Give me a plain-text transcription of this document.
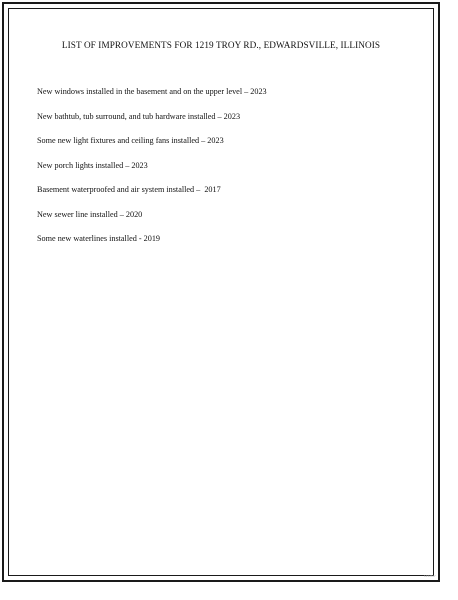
LIST OF IMPROVEMENTS FOR 1219 TROY RD., EDWARDSVILLE, ILLINOIS
New windows installed in the basement and on the upper level – 2023
New bathtub, tub surround, and tub hardware installed – 2023
Some new light fixtures and ceiling fans installed – 2023
New porch lights installed – 2023
Basement waterproofed and air system installed –  2017
New sewer line installed – 2020
Some new waterlines installed - 2019
1234567
